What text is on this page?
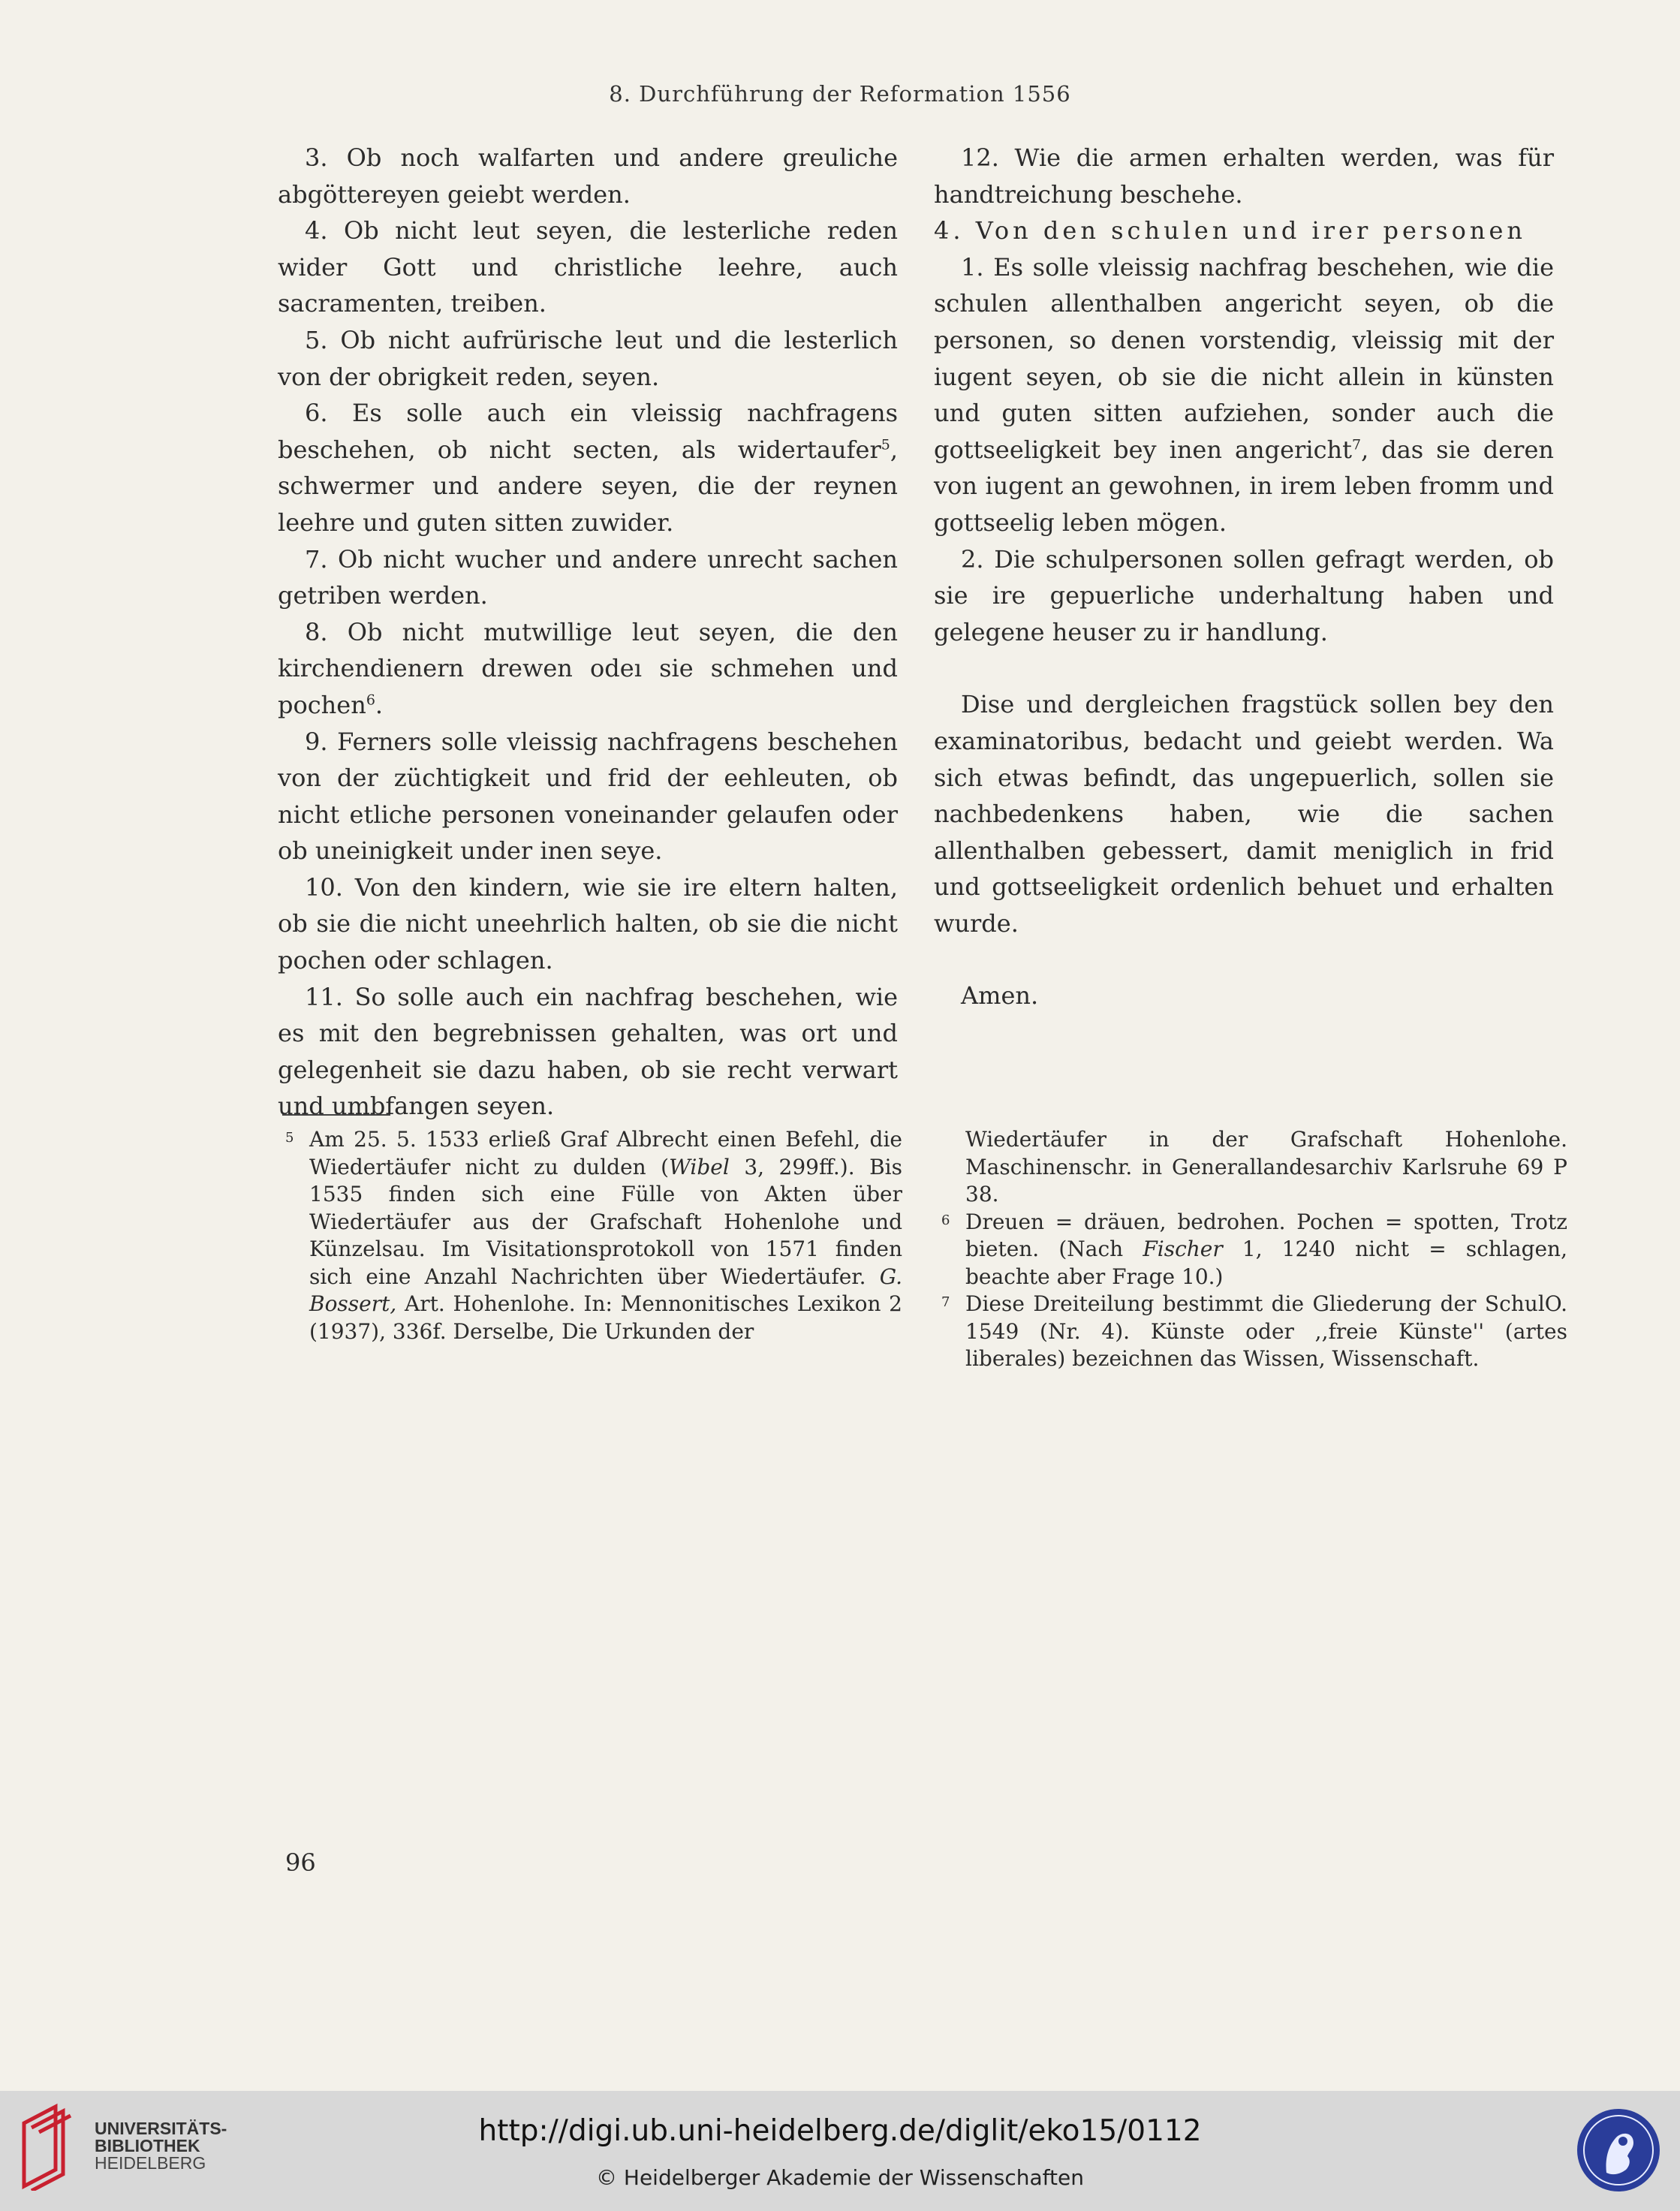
8. Durchführung der Reformation 1556

3. Ob noch walfarten und andere greuliche abgöttereyen geiebt werden.

4. Ob nicht leut seyen, die lesterliche reden wider Gott und christliche leehre, auch sacramenten, treiben.

5. Ob nicht aufrürische leut und die lesterlich von der obrigkeit reden, seyen.

6. Es solle auch ein vleissig nachfragens beschehen, ob nicht secten, als widertaufer$^5$, schwermer und andere seyen, die der reynen leehre und guten sitten zuwider.

7. Ob nicht wucher und andere unrecht sachen getriben werden.

8. Ob nicht mutwillige leut seyen, die den kirchendienern drewen odeı sie schmehen und pochen$^6$.

9. Ferners solle vleissig nachfragens beschehen von der züchtigkeit und frid der eehleuten, ob nicht etliche personen voneinander gelaufen oder ob uneinigkeit under inen seye.

10. Von den kindern, wie sie ire eltern halten, ob sie die nicht uneehrlich halten, ob sie die nicht pochen oder schlagen.

11. So solle auch ein nachfrag beschehen, wie es mit den begrebnissen gehalten, was ort und gelegenheit sie dazu haben, ob sie recht verwart und umbfangen seyen.

12. Wie die armen erhalten werden, was für handtreichung beschehe.

4. Von den schulen und irer personen

1. Es solle vleissig nachfrag beschehen, wie die schulen allenthalben angericht seyen, ob die personen, so denen vorstendig, vleissig mit der iugent seyen, ob sie die nicht allein in künsten und guten sitten aufziehen, sonder auch die gottseeligkeit bey inen angericht$^7$, das sie deren von iugent an gewohnen, in irem leben fromm und gottseelig leben mögen.

2. Die schulpersonen sollen gefragt werden, ob sie ire gepuerliche underhaltung haben und gelegene heuser zu ir handlung.

Dise und dergleichen fragstück sollen bey den examinatoribus, bedacht und geiebt werden. Wa sich etwas befindt, das ungepuerlich, sollen sie nachbedenkens haben, wie die sachen allenthalben gebessert, damit meniglich in frid und gottseeligkeit ordenlich behuet und erhalten wurde.

Amen.

5 Am 25. 5. 1533 erließ Graf Albrecht einen Befehl, die Wiedertäufer nicht zu dulden (Wibel 3, 299ff.). Bis 1535 finden sich eine Fülle von Akten über Wiedertäufer aus der Grafschaft Hohenlohe und Künzelsau. Im Visitationsprotokoll von 1571 finden sich eine Anzahl Nachrichten über Wiedertäufer. G. Bossert, Art. Hohenlohe. In: Mennonitisches Lexikon 2 (1937), 336f. Derselbe, Die Urkunden der

Wiedertäufer in der Grafschaft Hohenlohe. Maschinenschr. in Generallandesarchiv Karlsruhe 69 P 38.

6 Dreuen = dräuen, bedrohen. Pochen = spotten, Trotz bieten. (Nach Fischer 1, 1240 nicht = schlagen, beachte aber Frage 10.)

7 Diese Dreiteilung bestimmt die Gliederung der SchulO. 1549 (Nr. 4). Künste oder ,,freie Künste'' (artes liberales) bezeichnen das Wissen, Wissenschaft.

96
UNIVERSITÄTS-
BIBLIOTHEK
HEIDELBERG
http://digi.ub.uni-heidelberg.de/diglit/eko15/0112
© Heidelberger Akademie der Wissenschaften
